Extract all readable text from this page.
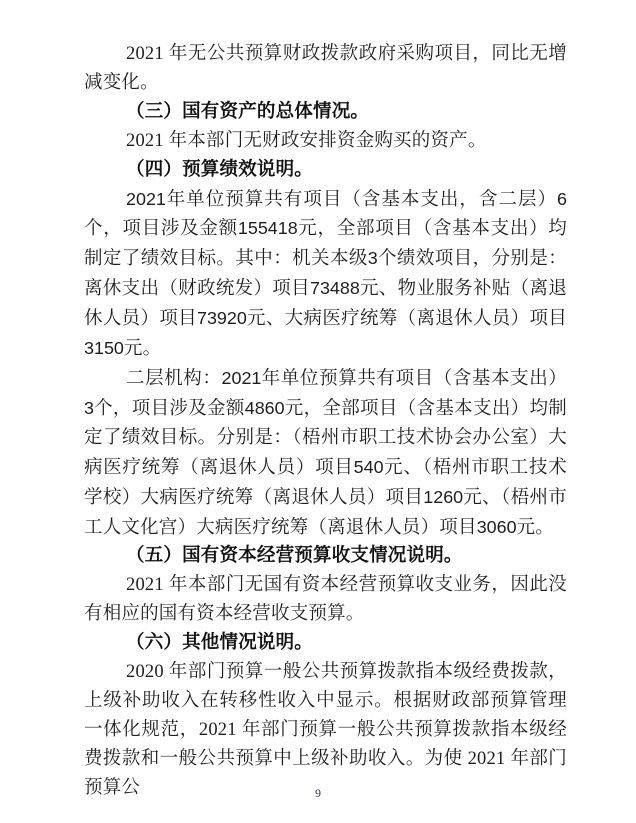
2021 年无公共预算财政拨款政府采购项目，同比无增减变化。

（三）国有资产的总体情况。

2021 年本部门无财政安排资金购买的资产。

（四）预算绩效说明。

2021年单位预算共有项目（含基本支出，含二层）6个，项目涉及金额155418元，全部项目（含基本支出）均制定了绩效目标。其中：机关本级3个绩效项目，分别是：离休支出（财政统发）项目73488元、物业服务补贴（离退休人员）项目73920元、大病医疗统筹（离退休人员）项目3150元。

二层机构：2021年单位预算共有项目（含基本支出）3个，项目涉及金额4860元，全部项目（含基本支出）均制定了绩效目标。分别是：（梧州市职工技术协会办公室）大病医疗统筹（离退休人员）项目540元、（梧州市职工技术学校）大病医疗统筹（离退休人员）项目1260元、（梧州市工人文化宫）大病医疗统筹（离退休人员）项目3060元。

（五）国有资本经营预算收支情况说明。

2021 年本部门无国有资本经营预算收支业务，因此没有相应的国有资本经营收支预算。

（六）其他情况说明。

2020 年部门预算一般公共预算拨款指本级经费拨款，上级补助收入在转移性收入中显示。根据财政部预算管理一体化规范，2021 年部门预算一般公共预算拨款指本级经费拨款和一般公共预算中上级补助收入。为使 2021 年部门预算公	9
